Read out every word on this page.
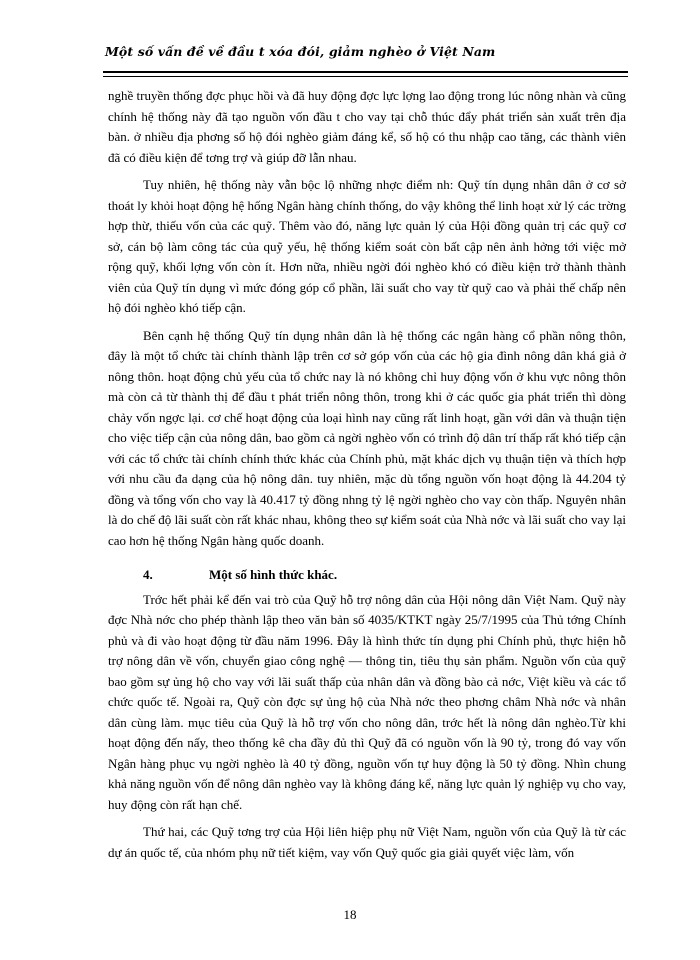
Một số vấn đề về đầu t xóa đói, giảm nghèo ở Việt Nam

nghề truyền thống đợc phục hồi và đã huy động đợc lực lợng lao động trong lúc nông nhàn và cũng chính hệ thống này đã tạo nguồn vốn đầu t cho vay tại chỗ thúc đẩy phát triển sản xuất trên địa bàn. ở nhiều địa phơng số hộ đói nghèo giảm đáng kể, số hộ có thu nhập cao tăng, các thành viên đã có điều kiện để tơng trợ và giúp đỡ lẫn nhau.

Tuy nhiên, hệ thống này vẫn bộc lộ những nhợc điểm nh: Quỹ tín dụng nhân dân ở cơ sở thoát ly khỏi hoạt động hệ hống Ngân hàng chính thống, do vậy không thể linh hoạt xử lý các trờng hợp thừ, thiếu vốn của các quỹ. Thêm vào đó, năng lực quản lý của Hội đồng quản trị các quỹ cơ sở, cán bộ làm công tác của quỹ yếu, hệ thống kiểm soát còn bất cập nên ảnh hởng tới việc mở rộng quỹ, khối lợng vốn còn ít. Hơn nữa, nhiều ngời đói nghèo khó có điều kiện trở thành thành viên của Quỹ tín dụng vì mức đóng góp cổ phần, lãi suất cho vay từ quỹ cao và phải thế chấp nên hộ đói nghèo khó tiếp cận.

Bên cạnh hệ thống Quỹ tín dụng nhân dân là hệ thống các ngân hàng cổ phần nông thôn, đây là một tổ chức tài chính thành lập trên cơ sở góp vốn của các hộ gia đình nông dân khá giả ở nông thôn. hoạt động chủ yếu của tổ chức nay là nó không chỉ huy động vốn ở khu vực nông thôn mà còn cả từ thành thị để đầu t phát triển nông thôn, trong khi ở các quốc gia phát triển thì dòng chảy vốn ngợc lại. cơ chế hoạt động của loại hình nay cũng rất linh hoạt, gần với dân và thuận tiện cho việc tiếp cận của nông dân, bao gồm cả ngời nghèo vốn có trình độ dân trí thấp rất khó tiếp cận với các tổ chức tài chính chính thức khác của Chính phủ, mặt khác dịch vụ thuận tiện và thích hợp với nhu cầu đa dạng của hộ nông dân. tuy nhiên, mặc dù tổng nguồn vốn hoạt động là 44.204 tỷ đồng và tổng vốn cho vay là 40.417 tỷ đồng nhng tỷ lệ ngời nghèo cho vay còn thấp. Nguyên nhân là do chế độ lãi suất còn rất khác nhau, không theo sự kiểm soát của Nhà nớc và lãi suất cho vay lại cao hơn hệ thống Ngân hàng quốc doanh.

4.	Một số hình thức khác.

Trớc hết phải kể đến vai trò của Quỹ hỗ trợ nông dân của Hội nông dân Việt Nam. Quỹ này đợc Nhà nớc cho phép thành lập theo văn bản số 4035/KTKT ngày 25/7/1995 của Thủ tớng Chính phủ và đi vào hoạt động từ đầu năm 1996. Đây là hình thức tín dụng phi Chính phủ, thực hiện hỗ trợ nông dân về vốn, chuyển giao công nghệ — thông tin, tiêu thụ sản phẩm. Nguồn vốn của quỹ bao gồm sự ủng hộ cho vay với lãi suất thấp của nhân dân và đồng bào cả nớc, Việt kiều và các tổ chức quốc tế. Ngoài ra, Quỹ còn đợc sự ủng hộ của Nhà nớc theo phơng châm Nhà nớc và nhân dân cùng làm. mục tiêu của Quỹ là hỗ trợ vốn cho nông dân, trớc hết là nông dân nghèo.Từ khi hoạt động đến nấy, theo thống kê cha đầy đủ thì Quỹ đã có nguồn vốn là 90 tỷ, trong đó vay vốn Ngân hàng phục vụ ngời nghèo là 40 tỷ đồng, nguồn vốn tự huy động là 50 tỷ đồng. Nhìn chung khả năng nguồn vốn để nông dân nghèo vay là không đáng kể, năng lực quản lý nghiệp vụ cho vay, huy động còn rất hạn chế.

Thứ hai, các Quỹ tơng trợ của Hội liên hiệp phụ nữ Việt Nam, nguồn vốn của Quỹ là từ các dự án quốc tế, của nhóm phụ nữ tiết kiệm, vay vốn Quỹ quốc gia giải quyết việc làm, vốn

18
